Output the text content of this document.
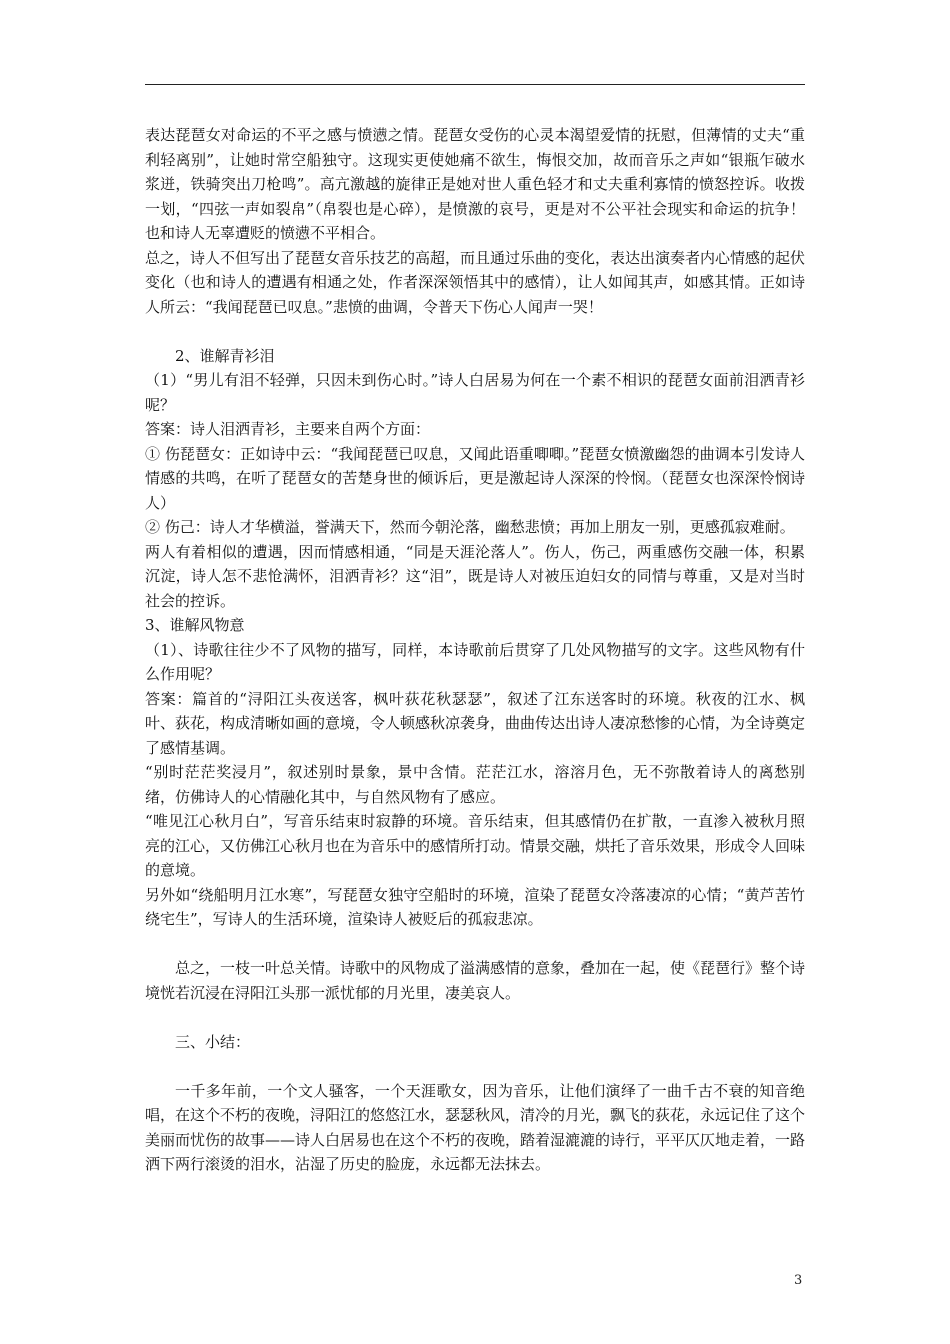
表达琵琶女对命运的不平之感与愤懑之情。琵琶女受伤的心灵本渴望爱情的抚慰，但薄情的丈夫“重利轻离别”，让她时常空船独守。这现实更使她痛不欲生，悔恨交加，故而音乐之声如“银瓶乍破水浆迸，铁骑突出刀枪鸣”。高亢激越的旋律正是她对世人重色轻才和丈夫重利寡情的愤怒控诉。收拨一划，“四弦一声如裂帛”（帛裂也是心碎），是愤激的哀号，更是对不公平社会现实和命运的抗争！也和诗人无辜遭贬的愤懑不平相合。

总之，诗人不但写出了琵琶女音乐技艺的高超，而且通过乐曲的变化，表达出演奏者内心情感的起伏变化（也和诗人的遭遇有相通之处，作者深深领悟其中的感情），让人如闻其声，如感其情。正如诗人所云：“我闻琵琶已叹息。”悲愤的曲调，令普天下伤心人闻声一哭！

2、谁解青衫泪

（1）“男儿有泪不轻弹，只因未到伤心时。”诗人白居易为何在一个素不相识的琵琶女面前泪洒青衫呢？

答案：诗人泪洒青衫，主要来自两个方面：

① 伤琵琶女：正如诗中云：“我闻琵琶已叹息，又闻此语重唧唧。”琵琶女愤激幽怨的曲调本引发诗人情感的共鸣，在听了琵琶女的苦楚身世的倾诉后，更是激起诗人深深的怜悯。（琵琶女也深深怜悯诗人）

② 伤己：诗人才华横溢，誉满天下，然而今朝沦落，幽愁悲愤；再加上朋友一别，更感孤寂难耐。

两人有着相似的遭遇，因而情感相通，“同是天涯沦落人”。伤人，伤己，两重感伤交融一体，积累沉淀，诗人怎不悲怆满怀，泪洒青衫？这“泪”，既是诗人对被压迫妇女的同情与尊重，又是对当时社会的控诉。

3、谁解风物意

（1）、诗歌往往少不了风物的描写，同样，本诗歌前后贯穿了几处风物描写的文字。这些风物有什么作用呢？

答案：篇首的“浔阳江头夜送客，枫叶荻花秋瑟瑟”，叙述了江东送客时的环境。秋夜的江水、枫叶、荻花，构成清晰如画的意境，令人顿感秋凉袭身，曲曲传达出诗人凄凉愁惨的心情，为全诗奠定了感情基调。

“别时茫茫奖浸月”，叙述别时景象，景中含情。茫茫江水，溶溶月色，无不弥散着诗人的离愁别绪，仿佛诗人的心情融化其中，与自然风物有了感应。

“唯见江心秋月白”，写音乐结束时寂静的环境。音乐结束，但其感情仍在扩散，一直渗入被秋月照亮的江心，又仿佛江心秋月也在为音乐中的感情所打动。情景交融，烘托了音乐效果，形成令人回味的意境。

另外如“绕船明月江水寒”，写琵琶女独守空船时的环境，渲染了琵琶女冷落凄凉的心情；“黄芦苦竹绕宅生”，写诗人的生活环境，渲染诗人被贬后的孤寂悲凉。

总之，一枝一叶总关情。诗歌中的风物成了溢满感情的意象，叠加在一起，使《琵琶行》整个诗境恍若沉浸在浔阳江头那一派忧郁的月光里，凄美哀人。

三、小结：

一千多年前，一个文人骚客，一个天涯歌女，因为音乐，让他们演绎了一曲千古不衰的知音绝唱，在这个不朽的夜晚，浔阳江的悠悠江水，瑟瑟秋风，清冷的月光，飘飞的荻花，永远记住了这个美丽而忧伤的故事——诗人白居易也在这个不朽的夜晚，踏着湿漉漉的诗行，平平仄仄地走着，一路洒下两行滚烫的泪水，沾湿了历史的脸庞，永远都无法抹去。

3
